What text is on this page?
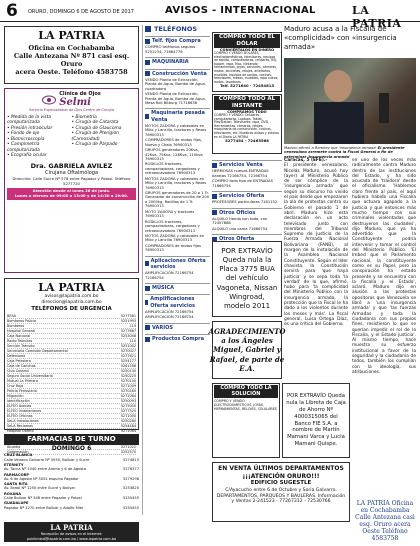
6 ORURO, DOMINGO 6 DE AGOSTO DE 2017	AVISOS - INTERNACIONAL	LA PATRIA
LA PATRIA
Oficina en Cochabamba
Calle Antezana Nº 871 casi esq. Oruro
acera Oeste. Teléfono 4583758
Clínica de Ojos
Selmi
Servicio Especializado de Ojos Centro de Cirugía
• Medida de la vista computarizada
• Presión intraocular
• Fondo de ojo
• Biomicroscopía
• Campimetría computarizada
• Ecografía ocular
• Biometría
• Cirugía de Catarata
• Cirugía de Glaucoma
• Cirugía de Pterigion (Carnosidad)
• Cirugía de Párpado
Dra. GABRIELA AVILEZ
Cirujana Oftalmóloga
Dirección: Calle Sucre Nº 578 entre Pagador y Potosí. Teléfono 5277720
Atención desde el lunes 26 de junio.
Lunes a viernes de 09:00 a 13:00 y de 14:30 a 19:00.
LA PATRIA
avisos@lapatria.com.bo
direccion@lapatria.com.bo
TELÉFONOS DE URGENCIA
BESA	5277581
Bomberos Policía	5251993
Bomberos	119
Hospital General	5277687
Caja Nacional	5253048
Radio Patrullas	110
Sección Tránsito	5251002
Secretaría Comisión Departamental	5270027
Defensoría	5277621
Caja Petrolera	5254177
Caja de Caminos	5261166
Club Cossmil	5250130
Seguro Social Universitario	5250225
Mutual La Primera	5270100
Cruz Roja	5271009
Policía Ferroviaria	5270160
Migración	5271064
Identificación	5250093
ELFEO Averías	5275050
ELFEO Instalaciones	5277525
ELFEO Oficinas	5271000
SeLA Instalaciones	5250280
SeLA Reclamos	5254484
Hospital Obrero	5271064
Alcaldía	5271022
Gobernación	5252570
FARMACIAS DE TURNO
DOMINGO 6
CRUZ BLANCA
Calle Velasco Galvarro Nº 5930, Bolívar y Sucre	5274815
ETERNITY
Av. Tacna Nº 1040 entre Aroma y 6 de Agosto	5276377
FARMACORP
Av. 6 de Agosto Nº 5052 esquina Pagador	5279298
SANTA RITA
Av. Brasil Nº 1250 entre Sucre y Bolívar	5253820
ROXANA
Calle Bolívar Nº 548 entre Pagador y Potosí	5255455
GUADALUPE
Pagador Nº 1270 entre Bolívar y Adolfo Mier	5255455
LA PATRIA
Recepción de avisos en el internet:
publicidad@lapatria.com.bo / www.lapatria.com.bo
TELÉFONOS
Telf. fijos Compra
COMPRO teléfonos seguros 5251234, 71664776
MAQUINARIA
Construcción Venta
VENDO Planta de Extracción, Planta de Agua, Bomba de Agua, cuadradora
VENDO Planta de Extracción, Planta de Agua, Bomba de Agua, Mesa Roll Bitburg 71716636
Maquinaria pesada Venta
MOTOS ZADORA y cabezales en Millo y Lancilla, tractores y Rexes 76900313
COMPRADORES de motos fijas, Nueva y Chala 76900313
GRUPOS generadores 20Kva, 42Kva, 75Kva, 128Kva, 110kva 76900313
RODILLOS tractores, compactadoras, cargadoras y retroexcavadora 76900313
MOTOS ZADORA y cabezales en Millo y Lancilla, tractores y Rexes 76900313
GRUPOS generadores de 20 a 1 Tr. Generador de construcción de 200 a 2000kg, Rodillos de 1 Tr. 76900313
MOTO ZADORA y tractores 76900313
RODILLOS tractores, compactadoras, cargadoras y retroexcavadora 76900313
MOTOS ZADORA y cabezales en Millo y Lancilla 76900313
COMPRADORES de motos fijas 76900313
Aplicaciones Oferta servicios
AMPLIFICACIÓN 72166754 72166754
MÚSICA
Amplificaciones Oferta servicios
AMPLIFICACIÓN 72166754
AMPLIFICACIÓN 72166754
VARIOS
Productos Compra
COMPRO TODO EL DÓLAR
CONVIERTALOS EN DINERO
COMPRO Y VENDO DÓLARES, electrodomésticos, televisores, equipos de sonido, computadoras, celulares, RSJ, tupper, ropa, Mac, Nintendo, herramientas, joyas, celulares, cámaras, motos, bicicletas, relojes, artefactos, muebles, equipos de sonido, cocinas, televisores, mesas, muebles, ropa nueva, motos, lavadoras
Telf. 5271640 - 72454813
COMPRO TODO AL INSTANTE
COMPRAMOS TODO
COMPRO Y VENDO: Celulares, computadoras, Laptops, Tablet, PlayStation, Televisores, ropa, DVD, Herramientas, cámaras, relojes, maquinaria de construcción, cocinas, televisores, etc. Nuestros avisos y precios en el Diario LA PATRIA
5277454 - 72463568
Servicios Venta
HERMOSAS nuevas ENTRADAS baratas 72166754, 72166754
COMPRO todo tipo de ENTRADAS 71666754
Servicios Oferta
PROFESORES particulares 7161152
Otros Oficios
ALQUILO tienda con todo, con 72457888
ALQUILO una cama 71666754
Otros Oferta
POR EXTRAVÍO Queda nula la Placa 3775 BUA del vehículo Vagoneta, Nissan Wingroad, modelo 2011
AGRADECIMIENTO a los Ángeles Miguel, Gabriel y Rafael, de parte de E.A.
COMPRO TODO LA SOLUCIÓN
COMPRO Y VENDO ELECTRODOMÉSTICOS, JOYAS, HERRAMIENTAS, RELOJES, CELULARES
POR EXTRAVÍO Queda nula la Libreta de Caja de Ahorro Nº 4000315065 del Banco FIE S.A. a nombre de Martín Mamani Varca y Lucia Mamani Quispe.
EN VENTA ÚLTIMOS DEPARTAMENTOS
¡¡¡ATENCIÓN ORURO!!!
EDIFICIO SUGESTLE
C/Ayacucho entre 6 de Octubre y Soria Galvarro. DEPARTAMENTOS, PARQUEOS Y BAULERAS. Información y Ventas 2-241523 - 77267312 - 72530766
Maduro acusa a la Fiscalía de «complicidad» con «insurgencia armada»
Maduro afirmó a Ramírez que 'insurgencia armada' El presidente venezolano arremete contra la Fiscal General a fin de exterminar 'insurgencia armada'
Caracas, 5 (EFE).-
El presidente venezolano, Nicolás Maduro, acusó hoy (ayer) al Ministerio Público de ser cómplice de la 'insurgencia armada' que según su discurso ha vivido el país desde que empezaron la ola de protestas contra su Gobierno el pasado 1 de abril. Maduro hizo esta declaración en un acto televisado junto con miembros del Tribunal Supremo de Justicia de la Fuerza Armada Nacional Bolivariana (FANB), al margen de la instalación de la Asamblea Nacional Constituyente. Según el líder chavista, la Constitución servirá para 'que haya justicia' y se sepa toda 'la verdad' de lo que, afirmó, hubo para 'la complicidad del Ministerio Público con la insurgencia armada, la protección que la Fiscal le ha dado a los violentos durante los meses y más'. La fiscal general, Luisa Ortega Díaz, es una crítica del Gobierno.
en uno de los veces más radicalmente contra Maduro dentro de las instituciones del Estado, y ha sido acusada de 'traidora' desde el oficialismo. 'Hablemos claro frente al país, el aquí hubiera habido una Fiscalía que actuara agapado a la justicia y que entonces más mucho tiempo con sus criminales violentadas que destruyeron las ciudades', dijo Maduro, que ya ha advertido que la Constituyente podría intervenir y tomar el control del Ministerio Público. 'El Imbed que el Parlamento nacional, la constituyente como es su Papel, pero la conspiración ha estado presente y se encuentra con la fiscalía y el Estado', aclaró. Maduro dijo en alusión a las protestas opositoras que Venezuela se libró a 'una insurgencia armada' y que 'las fuerzas Armadas y toda la ciudadanía con sus propios fines, resistieron lo que se querían impedir el rol de la Fiscalía, y el Estado justicia'. Al mismo tiempo, hace muestra su esfuerzo institucional a favor de la seguridad y la ciudadanía de todos, también los cumplían con la ideología, sus atribuciones.
LA PATRIA Oficina en Cochabamba Calle Antezana casi esq. Oruro acera Oeste Teléfono 4583758
